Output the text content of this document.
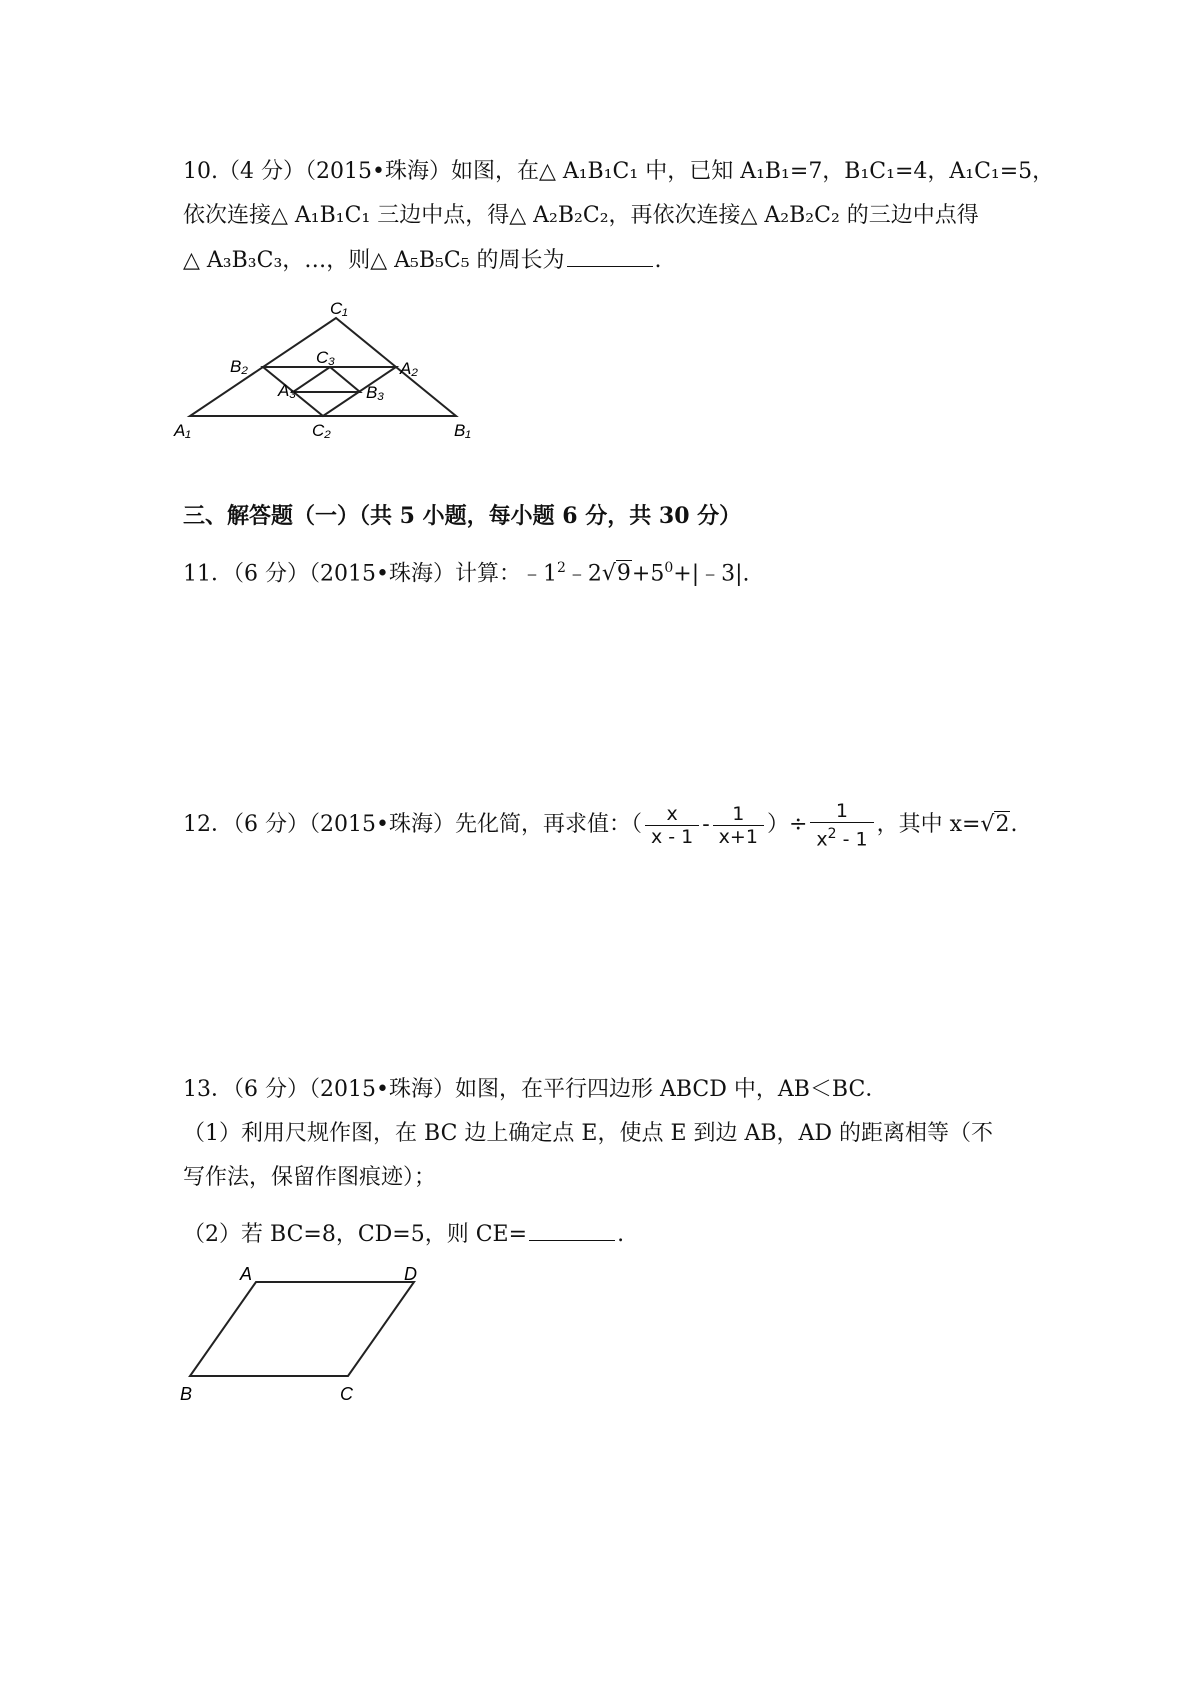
10.（4 分）（2015•珠海）如图，在△ A₁B₁C₁ 中，已知 A₁B₁=7，B₁C₁=4，A₁C₁=5，
依次连接△ A₁B₁C₁ 三边中点，得△ A₂B₂C₂，再依次连接△ A₂B₂C₂ 的三边中点得
△ A₃B₃C₃，…，则△ A₅B₅C₅ 的周长为	.
C₁
B₂	C₃
A₂
A₃	B₃
A₁	C₂	B₁
三、解答题（一）（共 5 小题，每小题 6 分，共 30 分）
11．（6 分）（2015•珠海）计算：$﹣1^2﹣2√9+5^0+|﹣3|$.
12．（6 分）（2015•珠海）先化简，再求值：（ $\frac{x}{x - 1} - \frac{1}{x+1}$ ）÷ $\frac{1}{x^2 - 1}$ ，其中 x=√2.
13．（6 分）（2015•珠海）如图，在平行四边形 ABCD 中，AB＜BC．
（1）利用尺规作图，在 BC 边上确定点 E，使点 E 到边 AB，AD 的距离相等（不
写作法，保留作图痕迹）；
（2）若 BC=8，CD=5，则 CE=	.
A	D
B	C
